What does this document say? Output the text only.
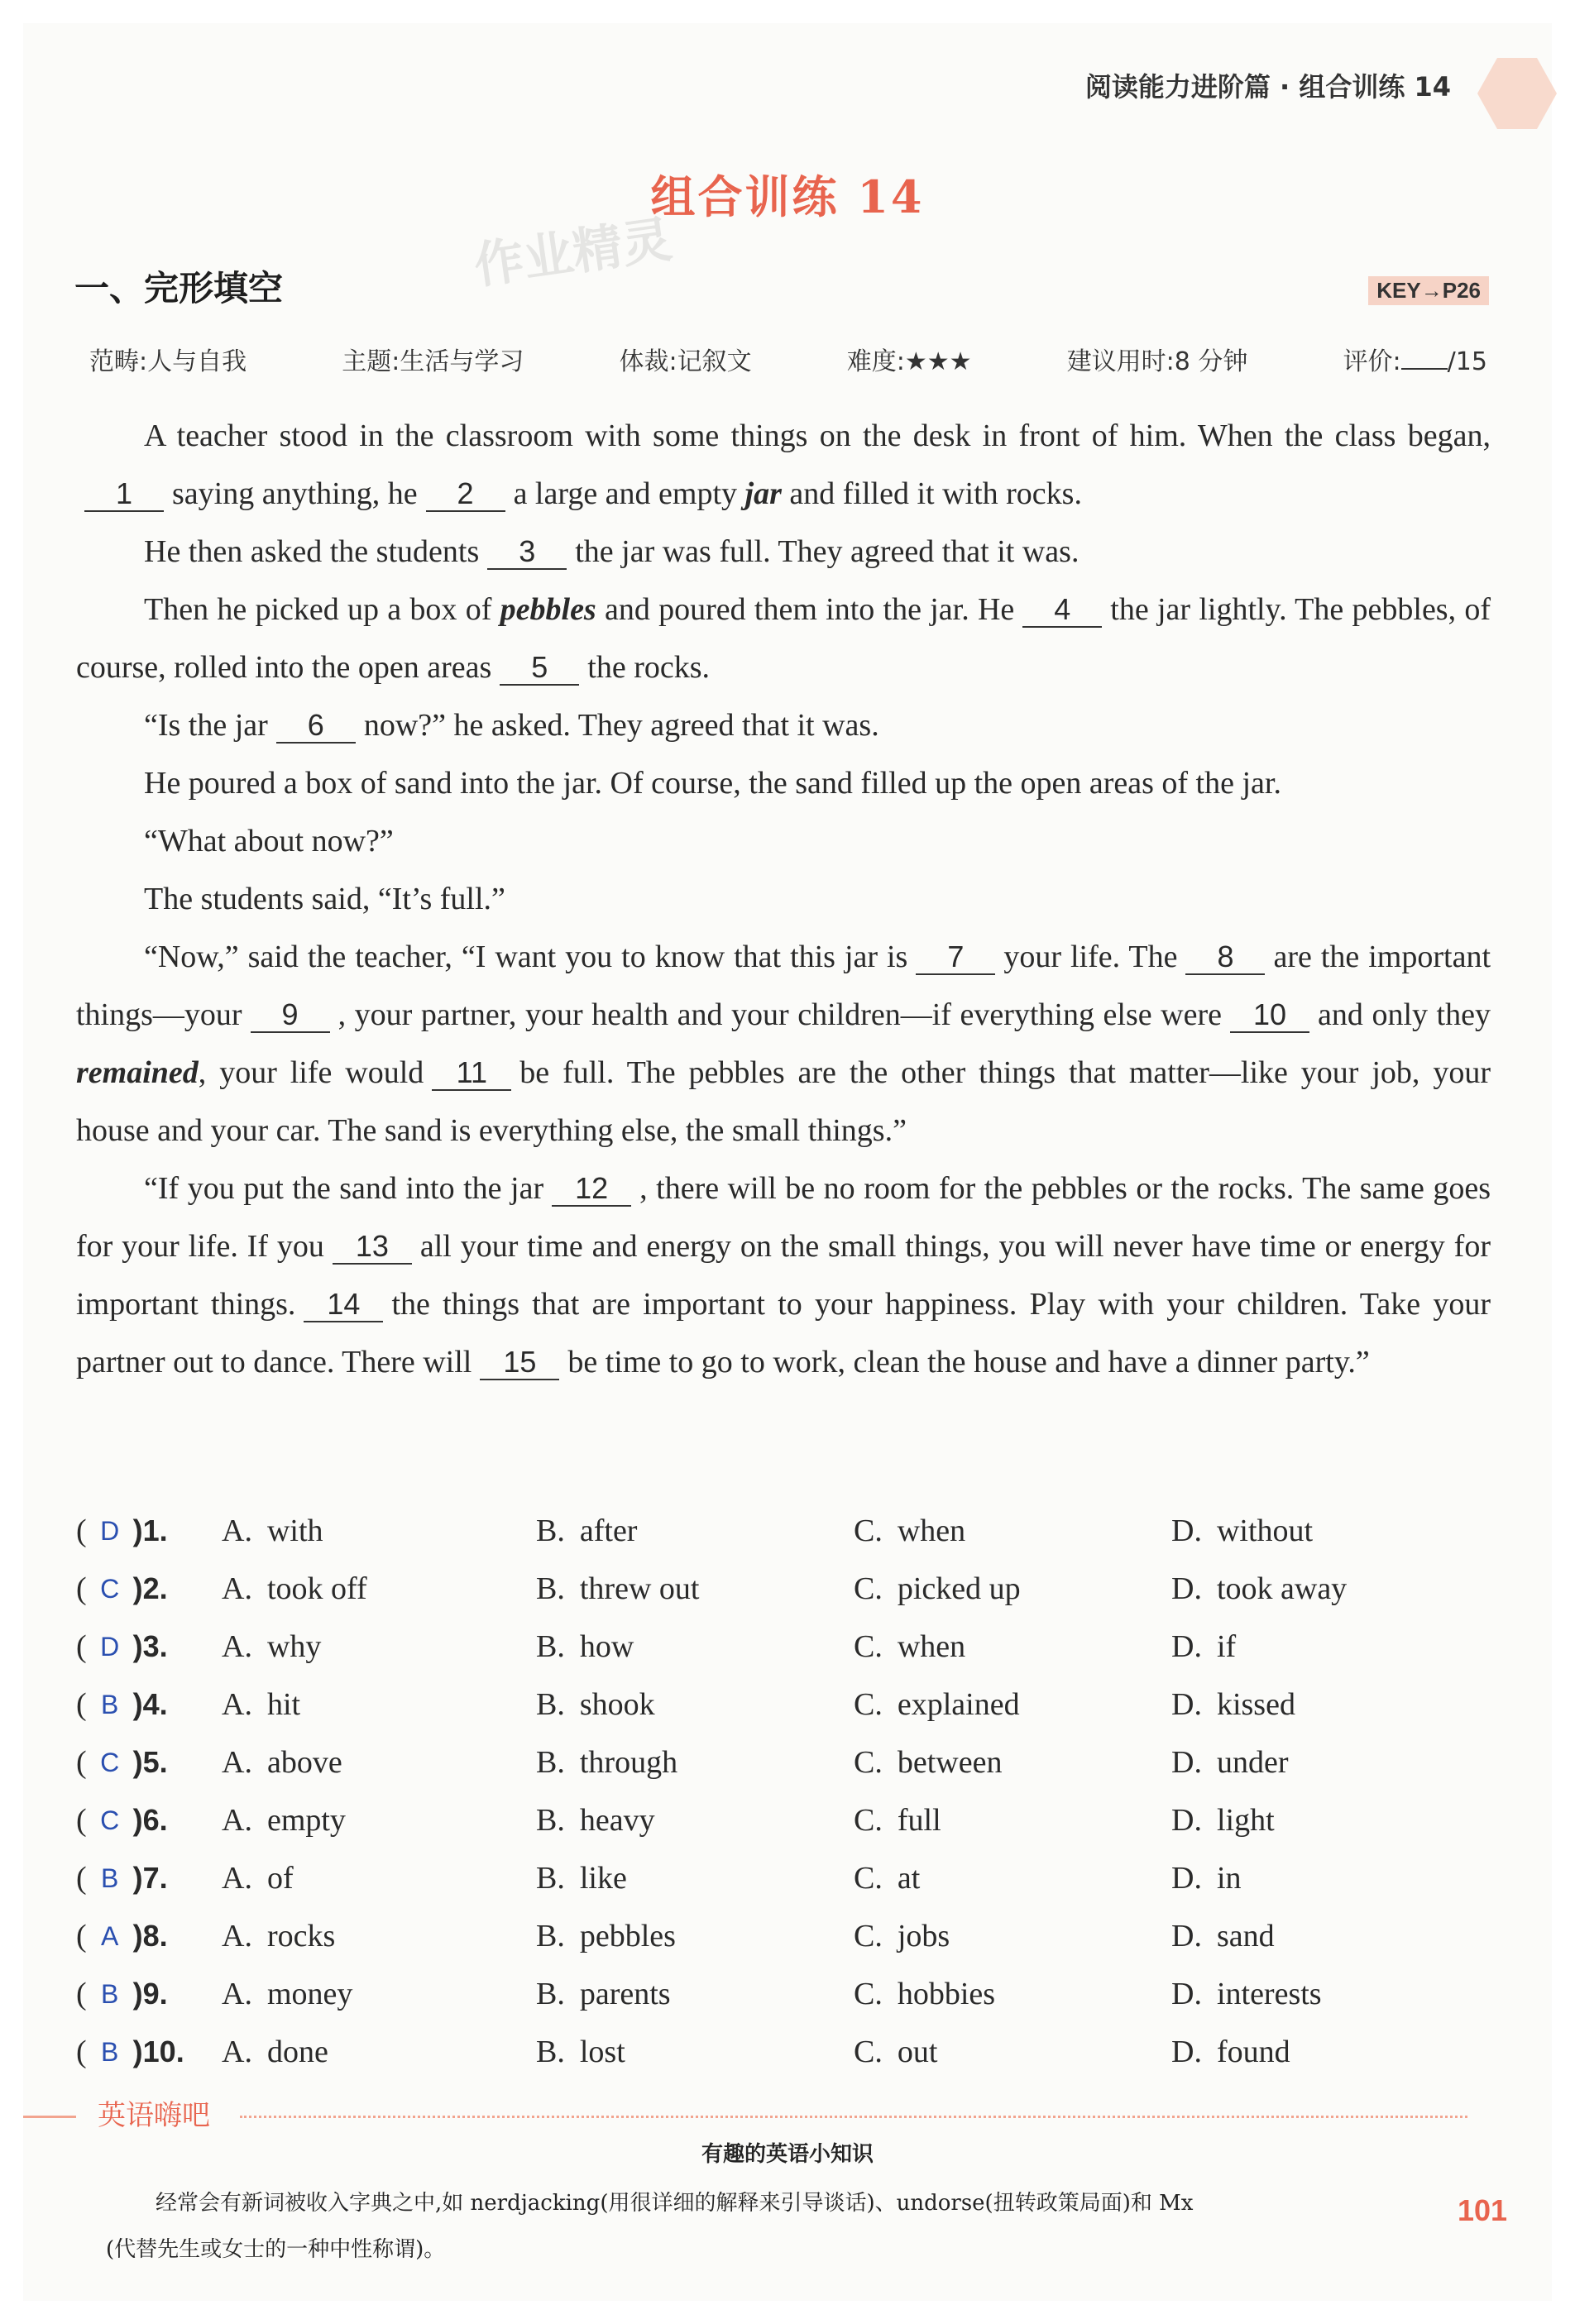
阅读能力进阶篇 · 组合训练 14
组合训练 14
作业精灵
一、完形填空	KEY→P26
范畴:人与自我	主题:生活与学习	体裁:记叙文	难度:★★★	建议用时:8 分钟	评价: /15

A teacher stood in the classroom with some things on the desk in front of him. When the class began,1 saying anything, he 2 a large and empty jar and filled it with rocks.

He then asked the students 3 the jar was full. They agreed that it was.

Then he picked up a box of pebbles and poured them into the jar. He 4 the jar lightly. The pebbles, of course, rolled into the open areas 5 the rocks.

“Is the jar 6 now?” he asked. They agreed that it was.

He poured a box of sand into the jar. Of course, the sand filled up the open areas of the jar.

“What about now?”

The students said, “It’s full.”

“Now,” said the teacher, “I want you to know that this jar is 7 your life. The 8 are the important things—your 9 , your partner, your health and your children—if everything else were 10 and only they remained, your life would 11 be full. The pebbles are the other things that matter—like your job, your house and your car. The sand is everything else, the small things.”

“If you put the sand into the jar 12 , there will be no room for the pebbles or the rocks. The same goes for your life. If you 13 all your time and energy on the small things, you will never have time or energy for important things. 14 the things that are important to your happiness. Play with your children. Take your partner out to dance. There will 15 be time to go to work, clean the house and have a dinner party.”

( D )1. A. with	B. after	C. when	D. without
( C )2. A. took off	B. threw out	C. picked up	D. took away
( D )3. A. why	B. how	C. when	D. if
( B )4. A. hit	B. shook	C. explained	D. kissed
( C )5. A. above	B. through	C. between	D. under
( C )6. A. empty	B. heavy	C. full	D. light
( B )7. A. of	B. like	C. at	D. in
( A )8. A. rocks	B. pebbles	C. jobs	D. sand
( B )9. A. money	B. parents	C. hobbies	D. interests
( B )10. A. done	B. lost	C. out	D. found
英语嗨吧
有趣的英语小知识
经常会有新词被收入字典之中,如 nerdjacking(用很详细的解释来引导谈话)、undorse(扭转政策局面)和 Mx
(代替先生或女士的一种中性称谓)。
101
